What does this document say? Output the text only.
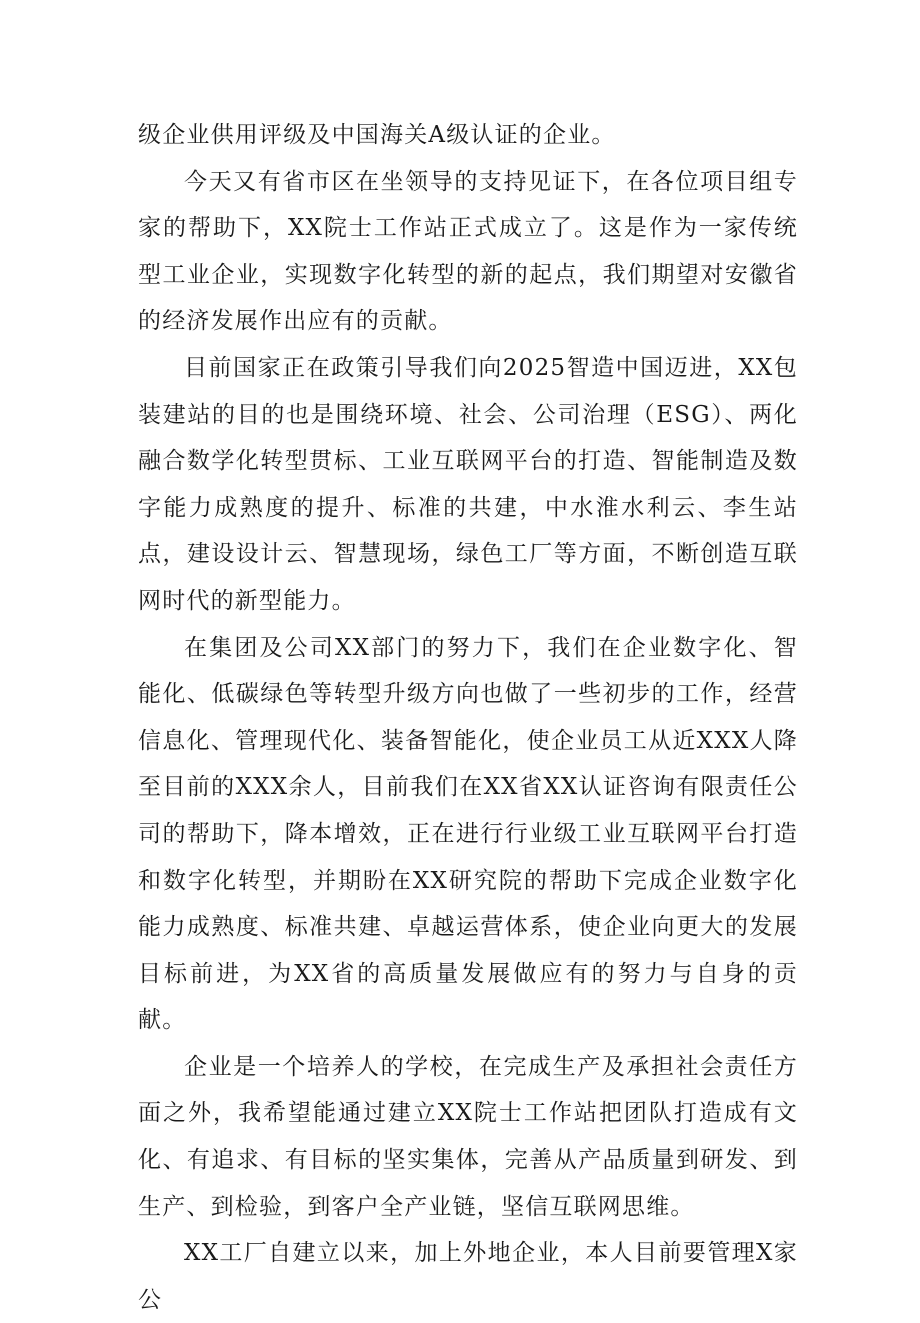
级企业供用评级及中国海关A级认证的企业。

今天又有省市区在坐领导的支持见证下，在各位项目组专家的帮助下，XX院士工作站正式成立了。这是作为一家传统型工业企业，实现数字化转型的新的起点，我们期望对安徽省的经济发展作出应有的贡献。

目前国家正在政策引导我们向2025智造中国迈进，XX包装建站的目的也是围绕环境、社会、公司治理（ESG）、两化融合数学化转型贯标、工业互联网平台的打造、智能制造及数字能力成熟度的提升、标准的共建，中水淮水利云、李生站点，建设设计云、智慧现场，绿色工厂等方面，不断创造互联网时代的新型能力。

在集团及公司XX部门的努力下，我们在企业数字化、智能化、低碳绿色等转型升级方向也做了一些初步的工作，经营信息化、管理现代化、装备智能化，使企业员工从近XXX人降至目前的XXX余人，目前我们在XX省XX认证咨询有限责任公司的帮助下，降本增效，正在进行行业级工业互联网平台打造和数字化转型，并期盼在XX研究院的帮助下完成企业数字化能力成熟度、标准共建、卓越运营体系，使企业向更大的发展目标前进，为XX省的高质量发展做应有的努力与自身的贡献。

企业是一个培养人的学校，在完成生产及承担社会责任方面之外，我希望能通过建立XX院士工作站把团队打造成有文化、有追求、有目标的坚实集体，完善从产品质量到研发、到生产、到检验，到客户全产业链，坚信互联网思维。

XX工厂自建立以来，加上外地企业，本人目前要管理X家公
